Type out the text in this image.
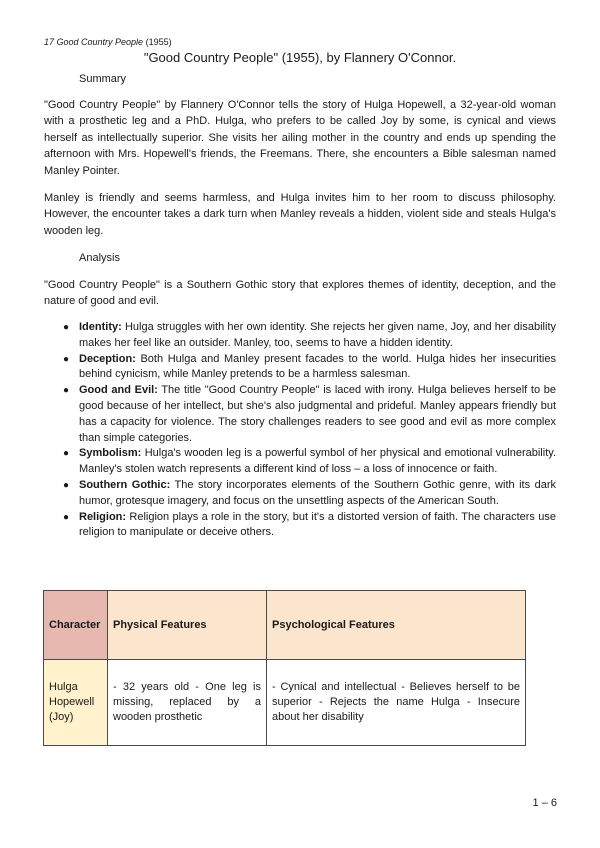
17 Good Country People (1955)
"Good Country People" (1955), by Flannery O'Connor.
Summary

"Good Country People" by Flannery O'Connor tells the story of Hulga Hopewell, a 32-year-old woman with a prosthetic leg and a PhD. Hulga, who prefers to be called Joy by some, is cynical and views herself as intellectually superior. She visits her ailing mother in the country and ends up spending the afternoon with Mrs. Hopewell's friends, the Freemans. There, she encounters a Bible salesman named Manley Pointer.

Manley is friendly and seems harmless, and Hulga invites him to her room to discuss philosophy. However, the encounter takes a dark turn when Manley reveals a hidden, violent side and steals Hulga's wooden leg.

Analysis

"Good Country People" is a Southern Gothic story that explores themes of identity, deception, and the nature of good and evil.

● Identity: Hulga struggles with her own identity. She rejects her given name, Joy, and her disability makes her feel like an outsider. Manley, too, seems to have a hidden identity.
● Deception: Both Hulga and Manley present facades to the world. Hulga hides her insecurities behind cynicism, while Manley pretends to be a harmless salesman.
● Good and Evil: The title "Good Country People" is laced with irony. Hulga believes herself to be good because of her intellect, but she's also judgmental and prideful. Manley appears friendly but has a capacity for violence. The story challenges readers to see good and evil as more complex than simple categories.
● Symbolism: Hulga's wooden leg is a powerful symbol of her physical and emotional vulnerability. Manley's stolen watch represents a different kind of loss – a loss of innocence or faith.
● Southern Gothic: The story incorporates elements of the Southern Gothic genre, with its dark humor, grotesque imagery, and focus on the unsettling aspects of the American South.
● Religion: Religion plays a role in the story, but it's a distorted version of faith. The characters use religion to manipulate or deceive others.
Character	Physical Features	Psychological Features
Hulga Hopewell (Joy)	- 32 years old - One leg is missing, replaced by a wooden prosthetic	- Cynical and intellectual - Believes herself to be superior - Rejects the name Hulga - Insecure about her disability
1 – 6
